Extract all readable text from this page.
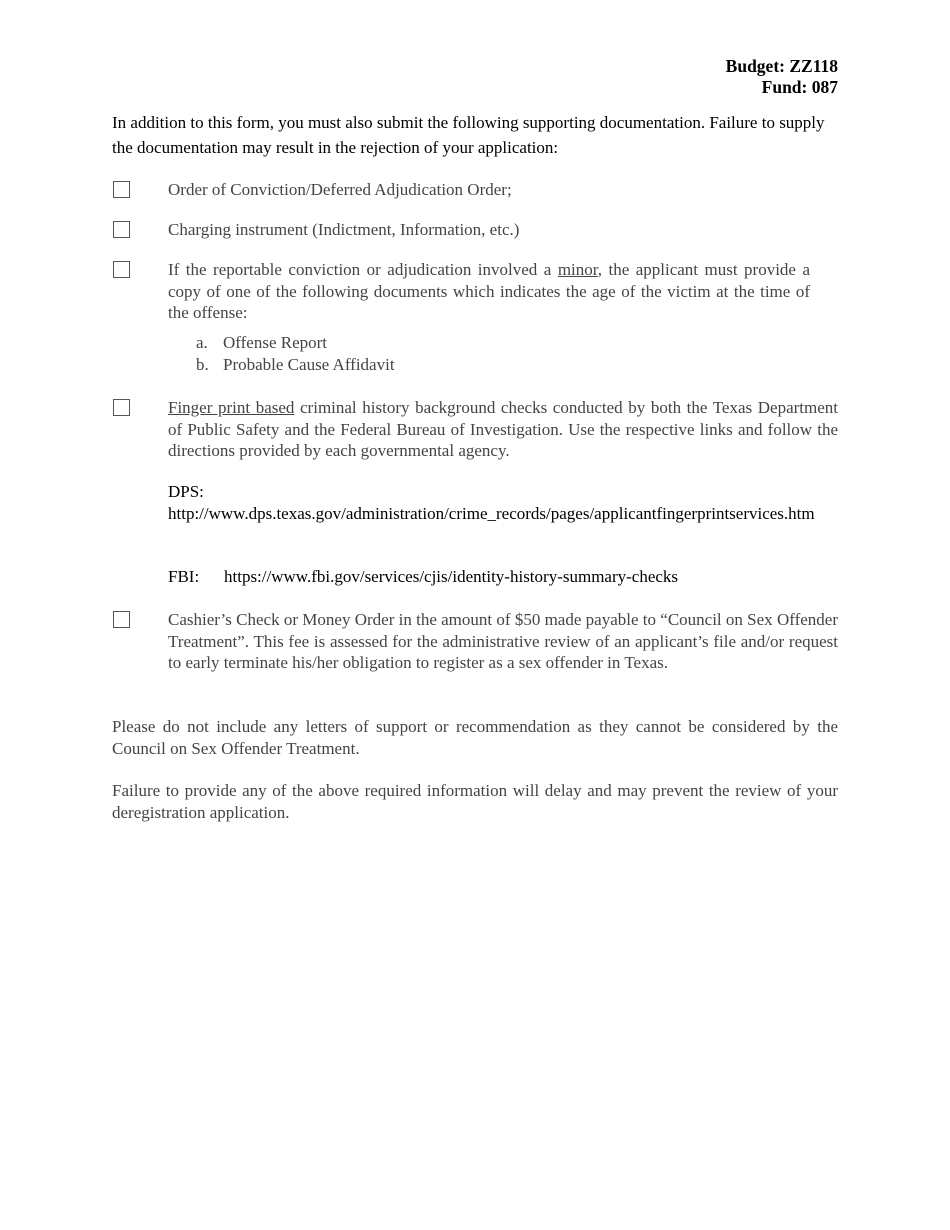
Budget: ZZ118
Fund: 087
In addition to this form, you must also submit the following supporting documentation. Failure to supply the documentation may result in the rejection of your application:
Order of Conviction/Deferred Adjudication Order;
Charging instrument (Indictment, Information, etc.)
If the reportable conviction or adjudication involved a minor, the applicant must provide a copy of one of the following documents which indicates the age of the victim at the time of the offense:
a. Offense Report
b. Probable Cause Affidavit
Finger print based criminal history background checks conducted by both the Texas Department of Public Safety and the Federal Bureau of Investigation. Use the respective links and follow the directions provided by each governmental agency.
DPS:
http://www.dps.texas.gov/administration/crime_records/pages/applicantfingerprintservices.htm
FBI: https://www.fbi.gov/services/cjis/identity-history-summary-checks
Cashier’s Check or Money Order in the amount of $50 made payable to “Council on Sex Offender Treatment”. This fee is assessed for the administrative review of an applicant’s file and/or request to early terminate his/her obligation to register as a sex offender in Texas.
Please do not include any letters of support or recommendation as they cannot be considered by the Council on Sex Offender Treatment.
Failure to provide any of the above required information will delay and may prevent the review of your deregistration application.
